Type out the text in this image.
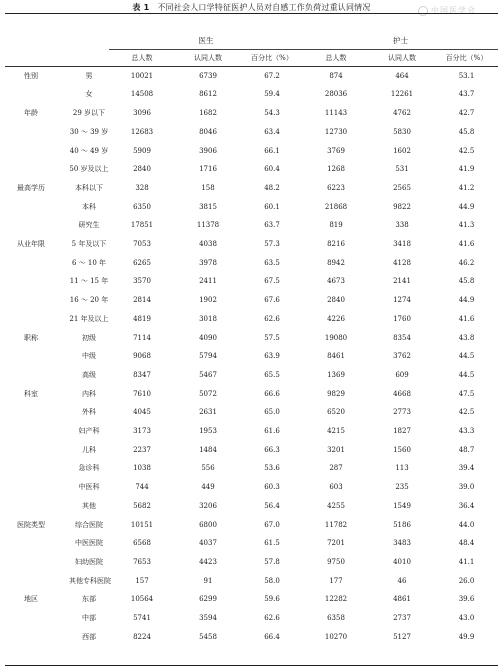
表 1 不同社会人口学特征医护人员对自感工作负荷过重认同情况	中国医学会

		医生			护士		
		总人数	认同人数	百分比（%）	总人数	认同人数	百分比（%）
性别	男	10021	6739	67.2	874	464	53.1
	女	14508	8612	59.4	28036	12261	43.7
年龄	29 岁以下	3096	1682	54.3	11143	4762	42.7
	30 ～ 39 岁	12683	8046	63.4	12730	5830	45.8
	40 ～ 49 岁	5909	3906	66.1	3769	1602	42.5
	50 岁及以上	2840	1716	60.4	1268	531	41.9
最高学历	本科以下	328	158	48.2	6223	2565	41.2
	本科	6350	3815	60.1	21868	9822	44.9
	研究生	17851	11378	63.7	819	338	41.3
从业年限	5 年及以下	7053	4038	57.3	8216	3418	41.6
	6 ～ 10 年	6265	3978	63.5	8942	4128	46.2
	11 ～ 15 年	3570	2411	67.5	4673	2141	45.8
	16 ～ 20 年	2814	1902	67.6	2840	1274	44.9
	21 年及以上	4819	3018	62.6	4226	1760	41.6
职称	初级	7114	4090	57.5	19080	8354	43.8
	中级	9068	5794	63.9	8461	3762	44.5
	高级	8347	5467	65.5	1369	609	44.5
科室	内科	7610	5072	66.6	9829	4668	47.5
	外科	4045	2631	65.0	6520	2773	42.5
	妇产科	3173	1953	61.6	4215	1827	43.3
	儿科	2237	1484	66.3	3201	1560	48.7
	急诊科	1038	556	53.6	287	113	39.4
	中医科	744	449	60.3	603	235	39.0
	其他	5682	3206	56.4	4255	1549	36.4
医院类型	综合医院	10151	6800	67.0	11782	5186	44.0
	中医医院	6568	4037	61.5	7201	3483	48.4
	妇幼医院	7653	4423	57.8	9750	4010	41.1
	其他专科医院	157	91	58.0	177	46	26.0
地区	东部	10564	6299	59.6	12282	4861	39.6
	中部	5741	3594	62.6	6358	2737	43.0
	西部	8224	5458	66.4	10270	5127	49.9
